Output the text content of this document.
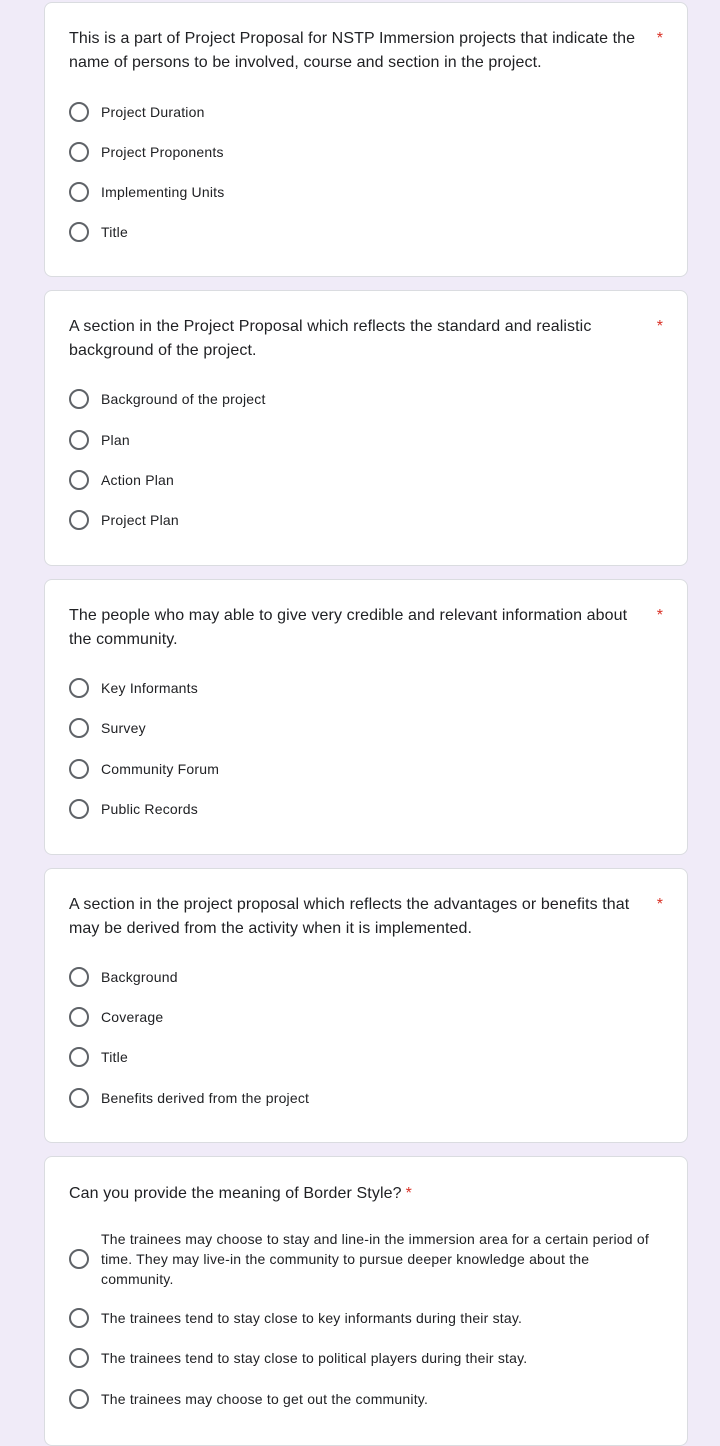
This is a part of Project Proposal for NSTP Immersion projects that indicate the name of persons to be involved, course and section in the project.
*
Project Duration
Project Proponents
Implementing Units
Title
A section in the Project Proposal which reflects the standard and realistic background of the project.
*
Background of the project
Plan
Action Plan
Project Plan
The people who may able to give very credible and relevant information about the community.
*
Key Informants
Survey
Community Forum
Public Records
A section in the project proposal which reflects the advantages or benefits that may be derived from the activity when it is implemented.
*
Background
Coverage
Title
Benefits derived from the project
Can you provide the meaning of Border Style? *
The trainees may choose to stay and line-in the immersion area for a certain period of time. They may live-in the community to pursue deeper knowledge about the community.
The trainees tend to stay close to key informants during their stay.
The trainees tend to stay close to political players during their stay.
The trainees may choose to get out the community.
